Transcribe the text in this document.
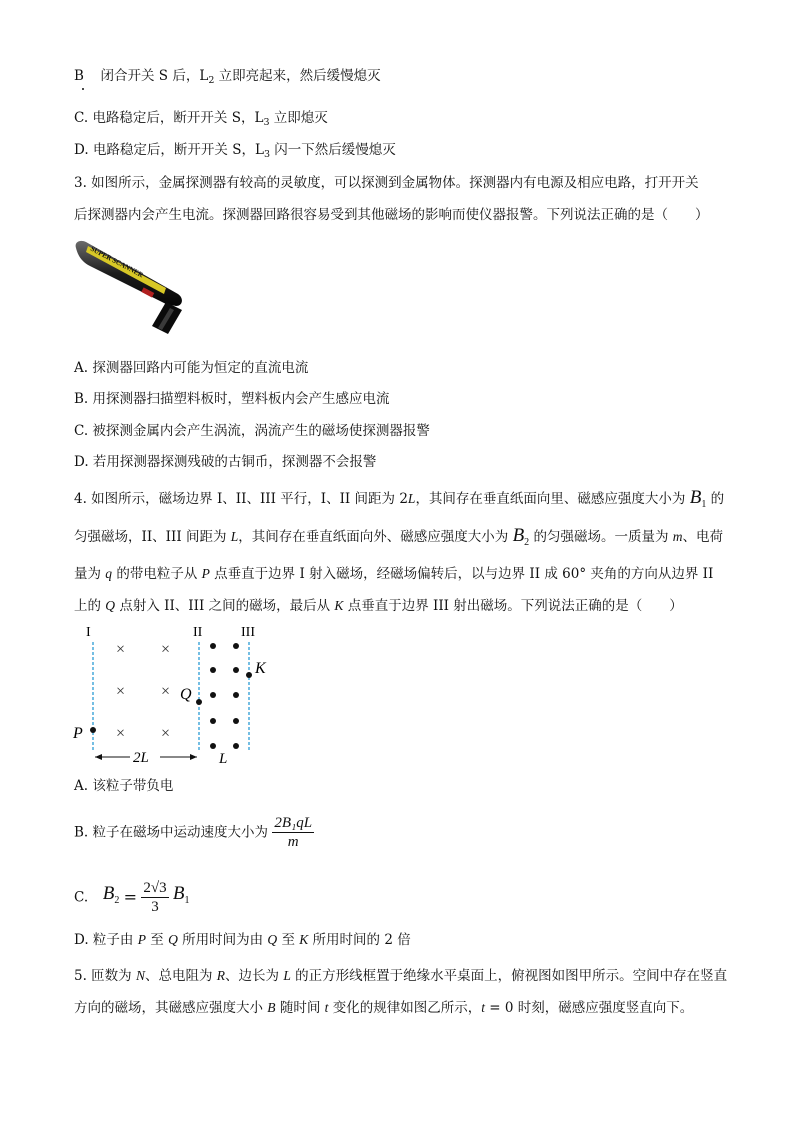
B 闭合开关 S 后，$L_2$ 立即亮起来，然后缓慢熄灭
C. 电路稳定后，断开开关 S，$L_3$ 立即熄灭
D. 电路稳定后，断开开关 S，$L_3$ 闪一下然后缓慢熄灭
3. 如图所示，金属探测器有较高的灵敏度，可以探测到金属物体。探测器内有电源及相应电路，打开开关
后探测器内会产生电流。探测器回路很容易受到其他磁场的影响而使仪器报警。下列说法正确的是（　　）
SUPER SCANNER
A. 探测器回路内可能为恒定的直流电流
B. 用探测器扫描塑料板时，塑料板内会产生感应电流
C. 被探测金属内会产生涡流，涡流产生的磁场使探测器报警
D. 若用探测器探测残破的古铜币，探测器不会报警
4. 如图所示，磁场边界 I、II、III 平行，I、II 间距为 2L，其间存在垂直纸面向里、磁感应强度大小为 $B_1$ 的匀强磁场，II、III 间距为 L，其间存在垂直纸面向外、磁感应强度大小为 $B_2$ 的匀强磁场。一质量为 m、电荷量为 q 的带电粒子从 P 点垂直于边界 I 射入磁场，经磁场偏转后，以与边界 II 成 60° 夹角的方向从边界 II 上的 Q 点射入 II、III 之间的磁场，最后从 K 点垂直于边界 III 射出磁场。下列说法正确的是（　　）
I	II	III
× ×
× ×
× ×
Q
K
P
2L	L
A. 该粒子带负电
B. 粒子在磁场中运动速度大小为 $\frac{\text{2B₁qL}}{m}$
C. $B_2 = \frac{2√3}{3} B_1$
D. 粒子由 P 至 Q 所用时间为由 Q 至 K 所用时间的 2 倍
5. 匝数为 N、总电阻为 R、边长为 L 的正方形线框置于绝缘水平桌面上，俯视图如图甲所示。空间中存在竖直方向的磁场，其磁感应强度大小 B 随时间 t 变化的规律如图乙所示，t = 0 时刻，磁感应强度竖直向下。
